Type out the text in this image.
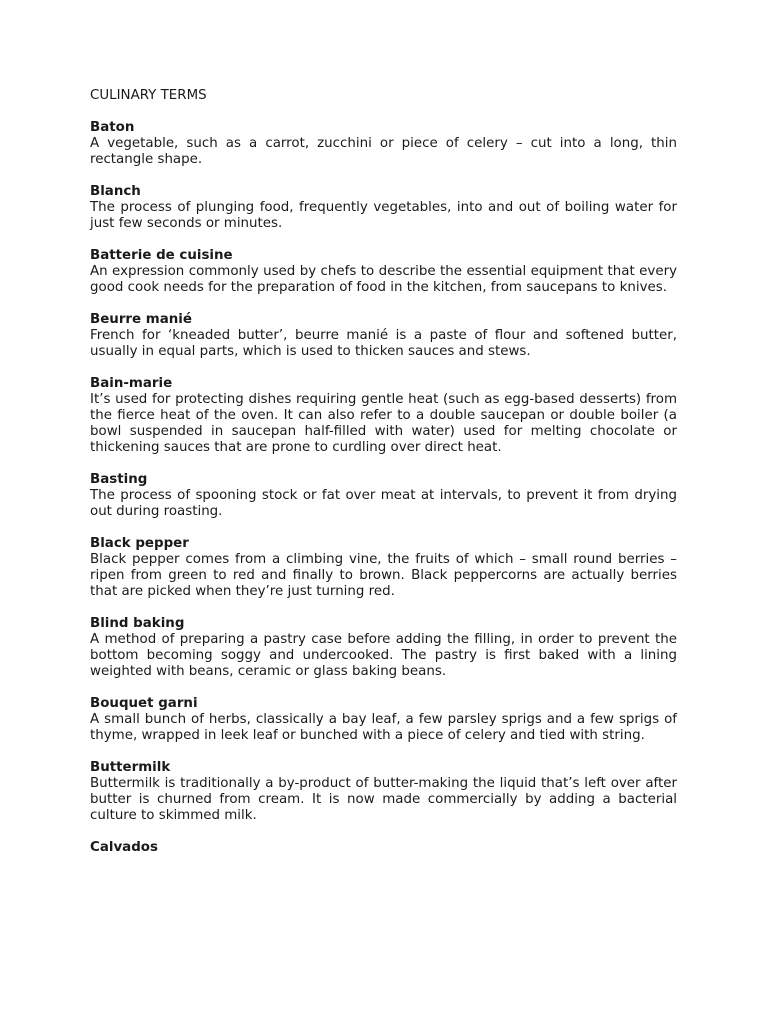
CULINARY TERMS
Baton
A vegetable, such as a carrot, zucchini or piece of celery – cut into a long, thin rectangle shape.
Blanch
The process of plunging food, frequently vegetables, into and out of boiling water for just few seconds or minutes.
Batterie de cuisine
An expression commonly used by chefs to describe the essential equipment that every good cook needs for the preparation of food in the kitchen, from saucepans to knives.
Beurre manié
French for ‘kneaded butter’, beurre manié is a paste of flour and softened butter, usually in equal parts, which is used to thicken sauces and stews.
Bain-marie
It’s used for protecting dishes requiring gentle heat (such as egg-based desserts) from the fierce heat of the oven. It can also refer to a double saucepan or double boiler (a bowl suspended in saucepan half-filled with water) used for melting chocolate or thickening sauces that are prone to curdling over direct heat.
Basting
The process of spooning stock or fat over meat at intervals, to prevent it from drying out during roasting.
Black pepper
Black pepper comes from a climbing vine, the fruits of which – small round berries – ripen from green to red and finally to brown. Black peppercorns are actually berries that are picked when they’re just turning red.
Blind baking
A method of preparing a pastry case before adding the filling, in order to prevent the bottom becoming soggy and undercooked. The pastry is first baked with a lining weighted with beans, ceramic or glass baking beans.
Bouquet garni
A small bunch of herbs, classically a bay leaf, a few parsley sprigs and a few sprigs of thyme, wrapped in leek leaf or bunched with a piece of celery and tied with string.
Buttermilk
Buttermilk is traditionally a by-product of butter-making the liquid that’s left over after butter is churned from cream. It is now made commercially by adding a bacterial culture to skimmed milk.
Calvados
